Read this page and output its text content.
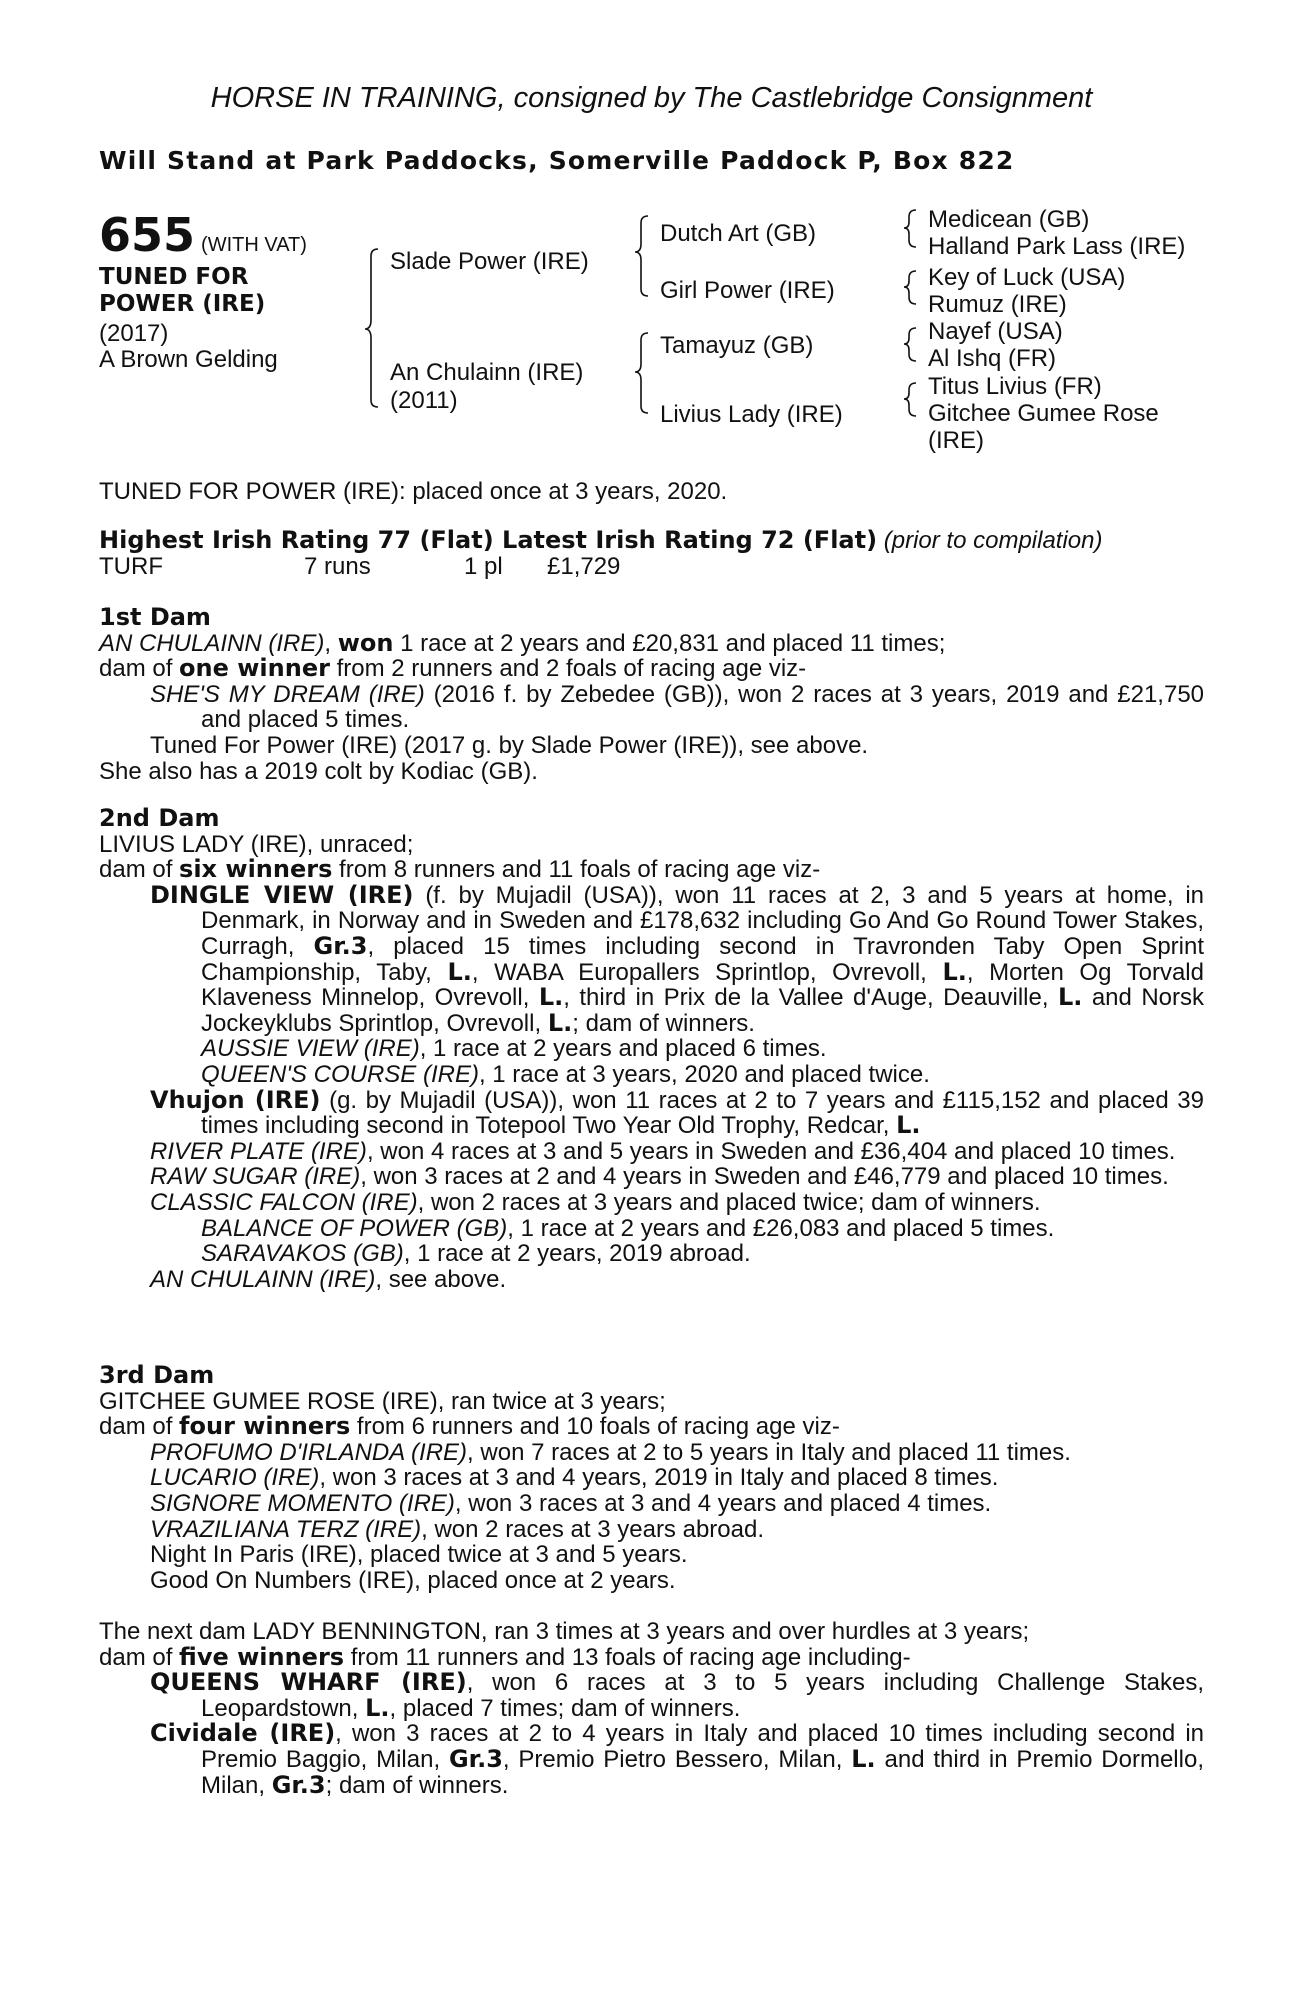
HORSE IN TRAINING, consigned by The Castlebridge Consignment
Will Stand at Park Paddocks, Somerville Paddock P, Box 822
655 (WITH VAT)
TUNED FOR
POWER (IRE)
(2017)
A Brown Gelding
Slade Power (IRE)
An Chulainn (IRE)
(2011)
Dutch Art (GB)
Girl Power (IRE)
Tamayuz (GB)
Livius Lady (IRE)
Medicean (GB)
Halland Park Lass (IRE)
Key of Luck (USA)
Rumuz (IRE)
Nayef (USA)
Al Ishq (FR)
Titus Livius (FR)
Gitchee Gumee Rose
(IRE)
TUNED FOR POWER (IRE): placed once at 3 years, 2020.
Highest Irish Rating 77 (Flat) Latest Irish Rating 72 (Flat) (prior to compilation)
TURF	7 runs	1 pl £1,729

1st Dam

AN CHULAINN (IRE), won 1 race at 2 years and £20,831 and placed 11 times;

dam of one winner from 2 runners and 2 foals of racing age viz-

SHE'S MY DREAM (IRE) (2016 f. by Zebedee (GB)), won 2 races at 3 years, 2019 and £21,750 and placed 5 times.

Tuned For Power (IRE) (2017 g. by Slade Power (IRE)), see above.

She also has a 2019 colt by Kodiac (GB).

2nd Dam

LIVIUS LADY (IRE), unraced;

dam of six winners from 8 runners and 11 foals of racing age viz-

DINGLE VIEW (IRE) (f. by Mujadil (USA)), won 11 races at 2, 3 and 5 years at home, in Denmark, in Norway and in Sweden and £178,632 including Go And Go Round Tower Stakes, Curragh, Gr.3, placed 15 times including second in Travronden Taby Open Sprint Championship, Taby, L., WABA Europallers Sprintlop, Ovrevoll, L., Morten Og Torvald Klaveness Minnelop, Ovrevoll, L., third in Prix de la Vallee d'Auge, Deauville, L. and Norsk Jockeyklubs Sprintlop, Ovrevoll, L.; dam of winners.

AUSSIE VIEW (IRE), 1 race at 2 years and placed 6 times.

QUEEN'S COURSE (IRE), 1 race at 3 years, 2020 and placed twice.

Vhujon (IRE) (g. by Mujadil (USA)), won 11 races at 2 to 7 years and £115,152 and placed 39 times including second in Totepool Two Year Old Trophy, Redcar, L.

RIVER PLATE (IRE), won 4 races at 3 and 5 years in Sweden and £36,404 and placed 10 times.

RAW SUGAR (IRE), won 3 races at 2 and 4 years in Sweden and £46,779 and placed 10 times.

CLASSIC FALCON (IRE), won 2 races at 3 years and placed twice; dam of winners.

BALANCE OF POWER (GB), 1 race at 2 years and £26,083 and placed 5 times.

SARAVAKOS (GB), 1 race at 2 years, 2019 abroad.

AN CHULAINN (IRE), see above.

3rd Dam

GITCHEE GUMEE ROSE (IRE), ran twice at 3 years;

dam of four winners from 6 runners and 10 foals of racing age viz-

PROFUMO D'IRLANDA (IRE), won 7 races at 2 to 5 years in Italy and placed 11 times.

LUCARIO (IRE), won 3 races at 3 and 4 years, 2019 in Italy and placed 8 times.

SIGNORE MOMENTO (IRE), won 3 races at 3 and 4 years and placed 4 times.

VRAZILIANA TERZ (IRE), won 2 races at 3 years abroad.

Night In Paris (IRE), placed twice at 3 and 5 years.

Good On Numbers (IRE), placed once at 2 years.

The next dam LADY BENNINGTON, ran 3 times at 3 years and over hurdles at 3 years;

dam of five winners from 11 runners and 13 foals of racing age including-

QUEENS WHARF (IRE), won 6 races at 3 to 5 years including Challenge Stakes, Leopardstown, L., placed 7 times; dam of winners.

Cividale (IRE), won 3 races at 2 to 4 years in Italy and placed 10 times including second in Premio Baggio, Milan, Gr.3, Premio Pietro Bessero, Milan, L. and third in Premio Dormello, Milan, Gr.3; dam of winners.
